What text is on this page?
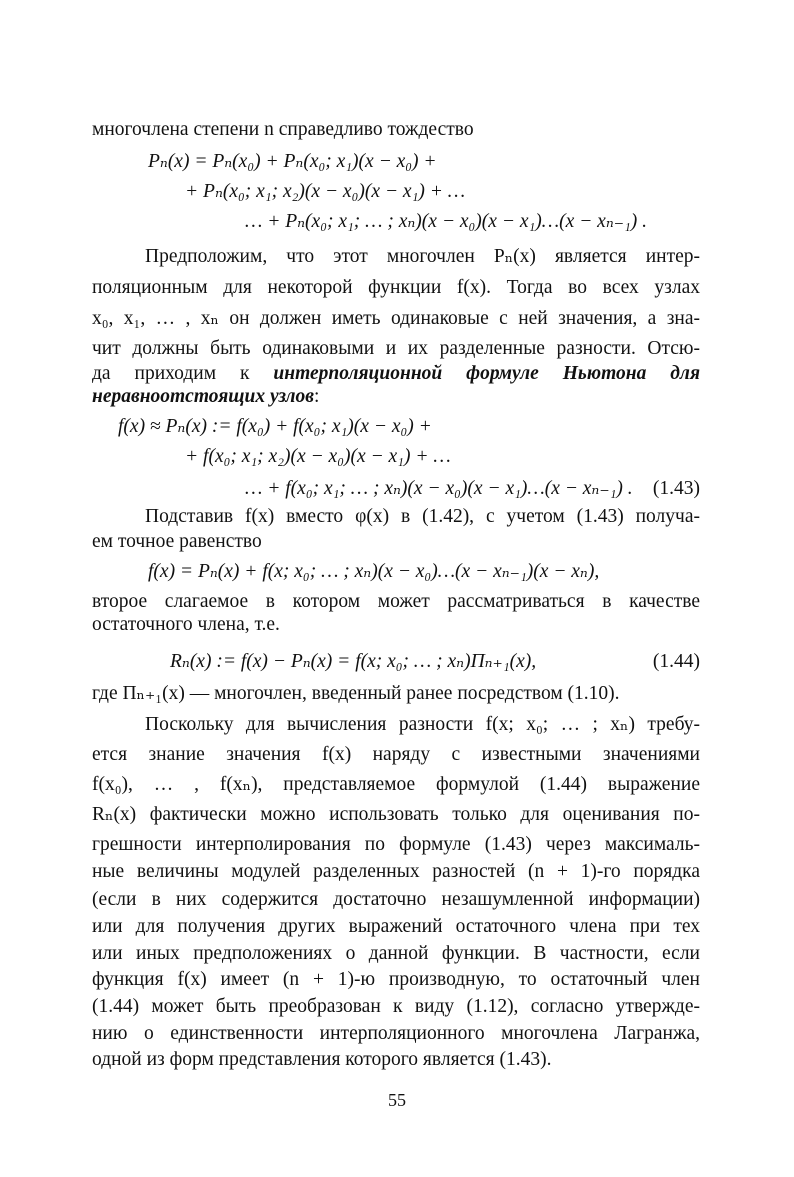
многочлена степени n справедливо тождество
Pₙ(x) = Pₙ(x₀) + Pₙ(x₀; x₁)(x − x₀) +
+ Pₙ(x₀; x₁; x₂)(x − x₀)(x − x₁) + …
… + Pₙ(x₀; x₁; … ; xₙ)(x − x₀)(x − x₁)…(x − xₙ₋₁) .
Предположим, что этот многочлен Pₙ(x) является интер-
поляционным для некоторой функции f(x). Тогда во всех узлах
x₀, x₁, … , xₙ он должен иметь одинаковые с ней значения, а зна-
чит должны быть одинаковыми и их разделенные разности. Отсю-
да приходим к интерполяционной формуле Ньютона для
неравноотстоящих узлов:
f(x) ≈ Pₙ(x) := f(x₀) + f(x₀; x₁)(x − x₀) +
+ f(x₀; x₁; x₂)(x − x₀)(x − x₁) + …
… + f(x₀; x₁; … ; xₙ)(x − x₀)(x − x₁)…(x − xₙ₋₁) . (1.43)
Подставив f(x) вместо φ(x) в (1.42), с учетом (1.43) получа-
ем точное равенство
f(x) = Pₙ(x) + f(x; x₀; … ; xₙ)(x − x₀)…(x − xₙ₋₁)(x − xₙ),
второе слагаемое в котором может рассматриваться в качестве
остаточного члена, т.е.
Rₙ(x) := f(x) − Pₙ(x) = f(x; x₀; … ; xₙ)Πₙ₊₁(x),	(1.44)
где Πₙ₊₁(x) — многочлен, введенный ранее посредством (1.10).
Поскольку для вычисления разности f(x; x₀; … ; xₙ) требу-
ется знание значения f(x) наряду с известными значениями
f(x₀), … , f(xₙ), представляемое формулой (1.44) выражение
Rₙ(x) фактически можно использовать только для оценивания по-
грешности интерполирования по формуле (1.43) через максималь-
ные величины модулей разделенных разностей (n + 1)-го порядка
(если в них содержится достаточно незашумленной информации)
или для получения других выражений остаточного члена при тех
или иных предположениях о данной функции. В частности, если
функция f(x) имеет (n + 1)-ю производную, то остаточный член
(1.44) может быть преобразован к виду (1.12), согласно утвержде-
нию о единственности интерполяционного многочлена Лагранжа,
одной из форм представления которого является (1.43).
55
